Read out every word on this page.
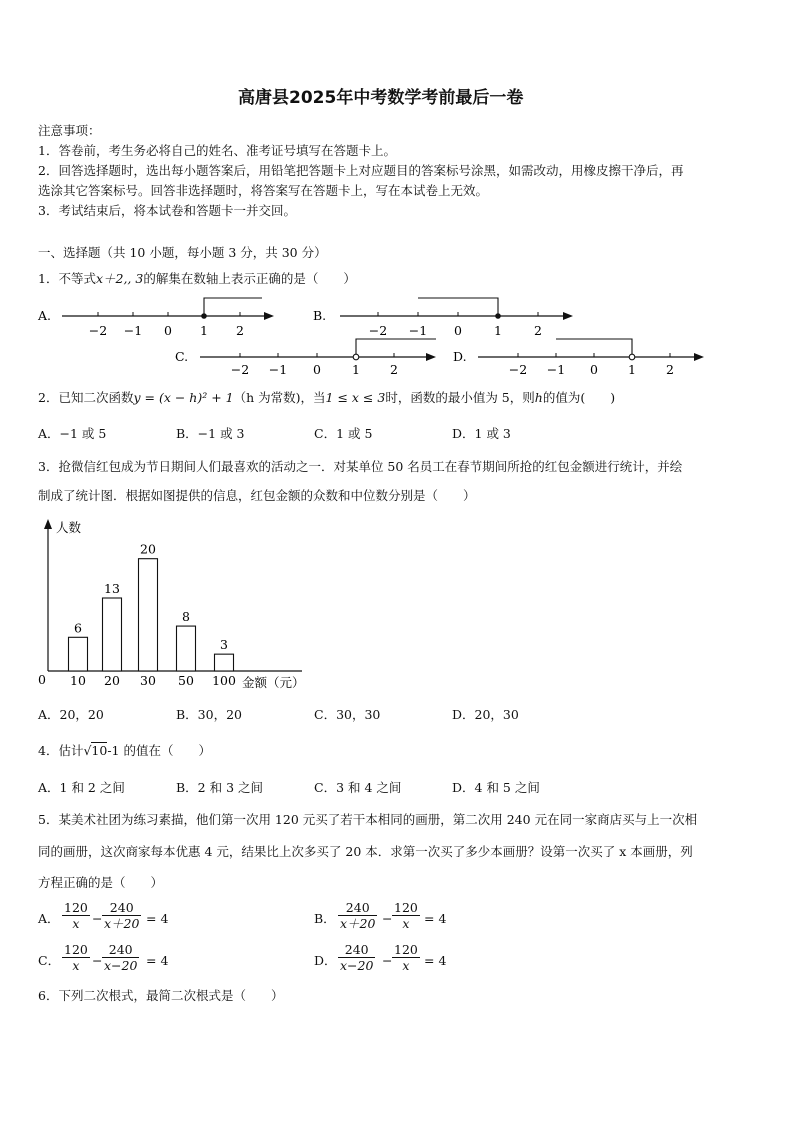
高唐县2025年中考数学考前最后一卷
注意事项：
1．答卷前，考生务必将自己的姓名、准考证号填写在答题卡上。
2．回答选择题时，选出每小题答案后，用铅笔把答题卡上对应题目的答案标号涂黑，如需改动，用橡皮擦干净后，再
选涂其它答案标号。回答非选择题时，将答案写在答题卡上，写在本试卷上无效。
3．考试结束后，将本试卷和答题卡一并交回。
一、选择题（共 10 小题，每小题 3 分，共 30 分）
1．不等式x＋2,, 3的解集在数轴上表示正确的是（　　）
A.
−2 −1 0 1 2
B.
−2 −1 0	1	2
C.
−2 −1 0 1 2
D.
−2 −1 0 1 2
2．已知二次函数y = (x − h)² + 1（h 为常数)，当1 ≤ x ≤ 3时，函数的最小值为 5，则h的值为(　　)
A．−1 或 5	B．−1 或 3	C．1 或 5	D．1 或 3
3．抢微信红包成为节日期间人们最喜欢的活动之一．对某单位 50 名员工在春节期间所抢的红包金额进行统计，并绘
制成了统计图．根据如图提供的信息，红包金额的众数和中位数分别是（　　）
人数
0	金额（元）
6
10
13
20
20
30
8
50
3
100
A．20，20	B．30，20	C．30，30	D．20，30
4．估计√10-1 的值在（　　）
A．1 和 2 之间	B．2 和 3 之间	C．3 和 4 之间	D．4 和 5 之间
5．某美术社团为练习素描，他们第一次用 120 元买了若干本相同的画册，第二次用 240 元在同一家商店买与上一次相
同的画册，这次商家每本优惠 4 元，结果比上次多买了 20 本．求第一次买了多少本画册？设第一次买了 x 本画册，列
方程正确的是（　　）
A． $\frac{120}{x} - \frac{240}{x+20} = 4$	B． $\frac{240}{x+20} - \frac{120}{x} = 4$
C． $\frac{120}{x} - \frac{240}{x-20} = 4$	D． $\frac{240}{x-20} - \frac{120}{x} = 4$
6．下列二次根式，最简二次根式是（　　）
